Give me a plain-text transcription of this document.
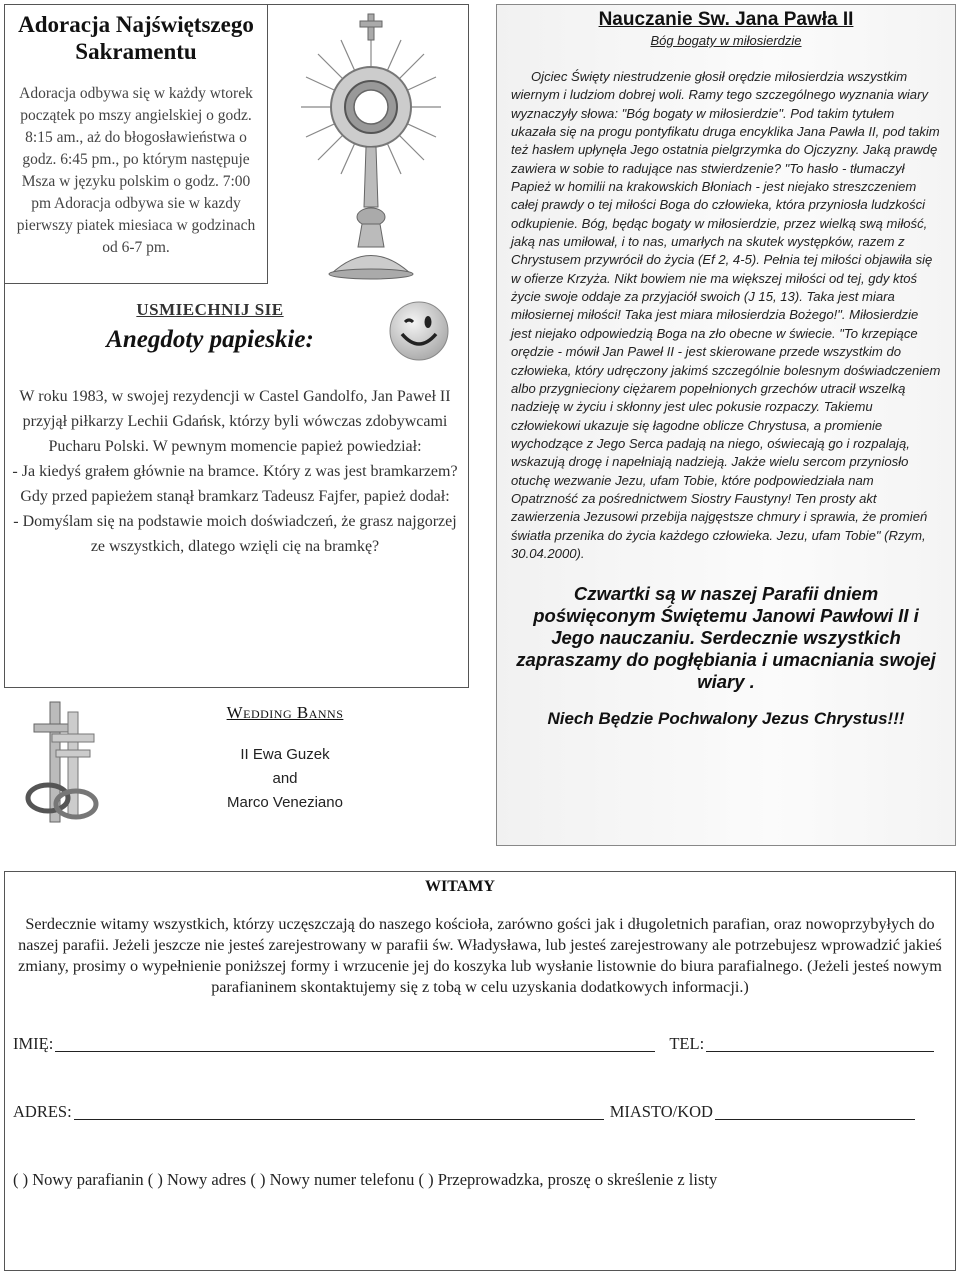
Adoracja Najświętszego Sakramentu

Adoracja odbywa się w każdy wtorek początek po mszy angielskiej o godz. 8:15 am., aż do błogosławieństwa o godz. 6:45 pm., po którym następuje Msza w języku polskim o godz. 7:00 pm Adoracja odbywa sie w kazdy pierwszy piatek miesiaca w godzinach od 6-7 pm.

USMIECHNIJ SIE
Anegdoty papieskie:

W roku 1983, w swojej rezydencji w Castel Gandolfo, Jan Paweł II przyjął piłkarzy Lechii Gdańsk, którzy byli wówczas zdobywcami Pucharu Polski. W pewnym momencie papież powiedział:

- Ja kiedyś grałem głównie na bramce. Który z was jest bramkarzem?

Gdy przed papieżem stanął bramkarz Tadeusz Fajfer, papież dodał:

- Domyślam się na podstawie moich doświadczeń, że grasz najgorzej ze wszystkich, dlatego wzięli cię na bramkę?

Wedding Banns
II Ewa Guzek
and
Marco Veneziano
Nauczanie Sw. Jana Pawła II
Bóg bogaty w miłosierdzie

Ojciec Święty niestrudzenie głosił orędzie miłosierdzia wszystkim wiernym i ludziom dobrej woli. Ramy tego szczególnego wyznania wiary wyznaczyły słowa: "Bóg bogaty w miłosierdzie". Pod takim tytułem ukazała się na progu pontyfikatu druga encyklika Jana Pawła II, pod takim też hasłem upłynęła Jego ostatnia pielgrzymka do Ojczyzny. Jaką prawdę zawiera w sobie to radujące nas stwierdzenie? "To hasło - tłumaczył Papież w homilii na krakowskich Błoniach - jest niejako streszczeniem całej prawdy o tej miłości Boga do człowieka, która przyniosła ludzkości odkupienie. Bóg, będąc bogaty w miłosierdzie, przez wielką swą miłość, jaką nas umiłował, i to nas, umarłych na skutek występków, razem z Chrystusem przywrócił do życia (Ef 2, 4-5). Pełnia tej miłości objawiła się w ofierze Krzyża. Nikt bowiem nie ma większej miłości od tej, gdy ktoś życie swoje oddaje za przyjaciół swoich (J 15, 13). Taka jest miara miłosiernej miłości! Taka jest miara miłosierdzia Bożego!". Miłosierdzie jest niejako odpowiedzią Boga na zło obecne w świecie. "To krzepiące orędzie - mówił Jan Paweł II - jest skierowane przede wszystkim do człowieka, który udręczony jakimś szczególnie bolesnym doświadczeniem albo przygnieciony ciężarem popełnionych grzechów utracił wszelką nadzieję w życiu i skłonny jest ulec pokusie rozpaczy. Takiemu człowiekowi ukazuje się łagodne oblicze Chrystusa, a promienie wychodzące z Jego Serca padają na niego, oświecają go i rozpalają, wskazują drogę i napełniają nadzieją. Jakże wielu sercom przyniosło otuchę wezwanie Jezu, ufam Tobie, które podpowiedziała nam Opatrzność za pośrednictwem Siostry Faustyny! Ten prosty akt zawierzenia Jezusowi przebija najgęstsze chmury i sprawia, że promień światła przenika do życia każdego człowieka. Jezu, ufam Tobie" (Rzym, 30.04.2000).

Czwartki są w naszej Parafii dniem poświęconym Świętemu Janowi Pawłowi II i Jego nauczaniu. Serdecznie wszystkich zapraszamy do pogłębiania i umacniania swojej wiary .

Niech Będzie Pochwalony Jezus Chrystus!!!

WITAMY

Serdecznie witamy wszystkich, którzy uczęszczają do naszego kościoła, zarówno gości jak i długoletnich parafian, oraz nowoprzybyłych do naszej parafii. Jeżeli jeszcze nie jesteś zarejestrowany w parafii św. Władysława, lub jesteś zarejestrowany ale potrzebujesz wprowadzić jakieś zmiany, prosimy o wypełnienie poniższej formy i wrzucenie jej do koszyka lub wysłanie listownie do biura parafialnego. (Jeżeli jesteś nowym parafianinem skontaktujemy się z tobą w celu uzyskania dodatkowych informacji.)

IMIĘ:	TEL:
ADRES:	MIASTO/KOD
( ) Nowy parafianin ( ) Nowy adres ( ) Nowy numer telefonu ( ) Przeprowadzka, proszę o skreślenie z listy
